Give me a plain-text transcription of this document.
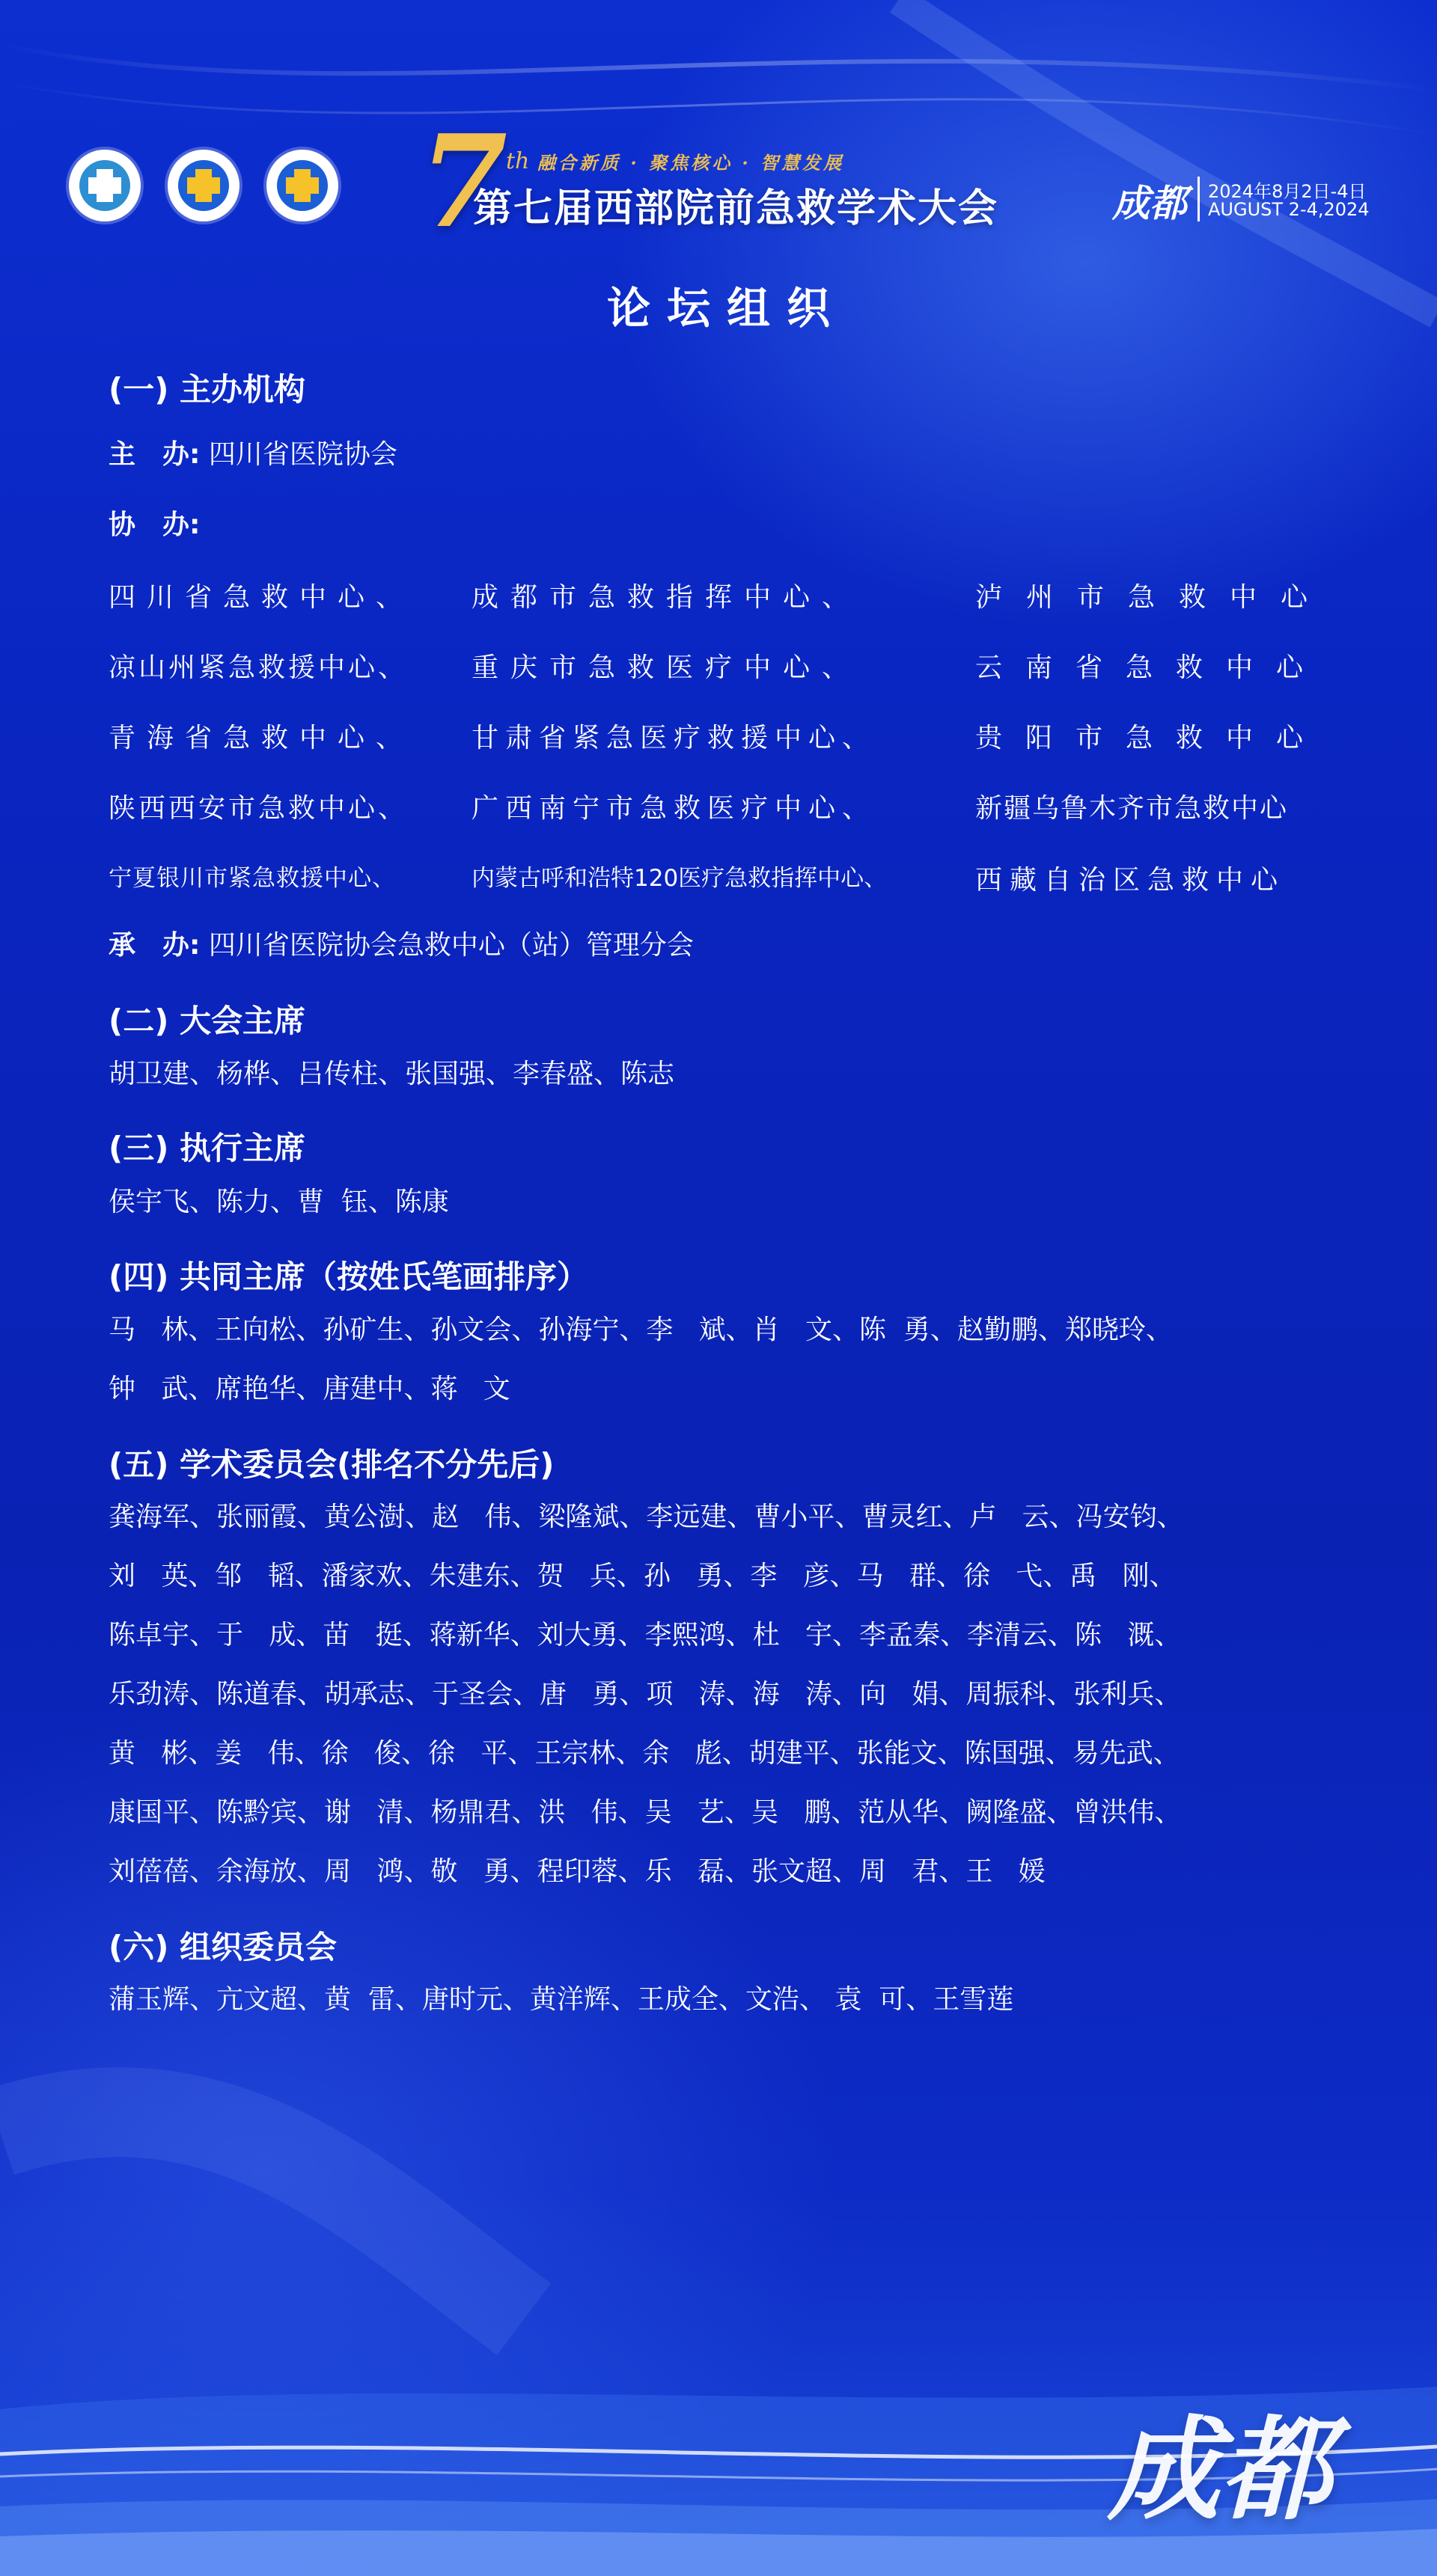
7
th 融合新质 · 聚焦核心 · 智慧发展
第七届西部院前急救学术大会	成都 2024年8月2日-4日
AUGUST 2-4,2024
论坛组织
(一) 主办机构
主　办: 四川省医院协会
协　办:
四川省急救中心、	成都市急救指挥中心、	泸州市急救中心
凉山州紧急救援中心、	重庆市急救医疗中心、	云南省急救中心
青海省急救中心、	甘肃省紧急医疗救援中心、	贵阳市急救中心
陕西西安市急救中心、	广西南宁市急救医疗中心、	新疆乌鲁木齐市急救中心
宁夏银川市紧急救援中心、	内蒙古呼和浩特120医疗急救指挥中心、	西藏自治区急救中心
承　办: 四川省医院协会急救中心（站）管理分会
(二) 大会主席
胡卫建、杨桦、吕传柱、张国强、李春盛、陈志
(三) 执行主席
侯宇飞、陈力、曹  钰、陈康
(四) 共同主席（按姓氏笔画排序）
马   林、王向松、孙矿生、孙文会、孙海宁、李   斌、肖   文、陈  勇、赵勤鹏、郑晓玲、
钟   武、席艳华、唐建中、蒋   文
(五) 学术委员会(排名不分先后)
龚海军、张丽霞、黄公澍、赵   伟、梁隆斌、李远建、曹小平、曹灵红、卢   云、冯安钧、
刘   英、邹   韬、潘家欢、朱建东、贺   兵、孙   勇、李   彦、马   群、徐   弋、禹   刚、
陈卓宇、于   成、苗   挺、蒋新华、刘大勇、李熙鸿、杜   宇、李孟秦、李清云、陈   溉、
乐劲涛、陈道春、胡承志、于圣会、唐   勇、项   涛、海   涛、向   娟、周振科、张利兵、
黄   彬、姜   伟、徐   俊、徐   平、王宗林、余   彪、胡建平、张能文、陈国强、易先武、
康国平、陈黔宾、谢   清、杨鼎君、洪   伟、吴   艺、吴   鹏、范从华、阙隆盛、曾洪伟、
刘蓓蓓、余海放、周   鸿、敬   勇、程印蓉、乐   磊、张文超、周   君、王   媛
(六) 组织委员会
蒲玉辉、亢文超、黄  雷、唐时元、黄洋辉、王成全、文浩、 袁  可、王雪莲
成都
